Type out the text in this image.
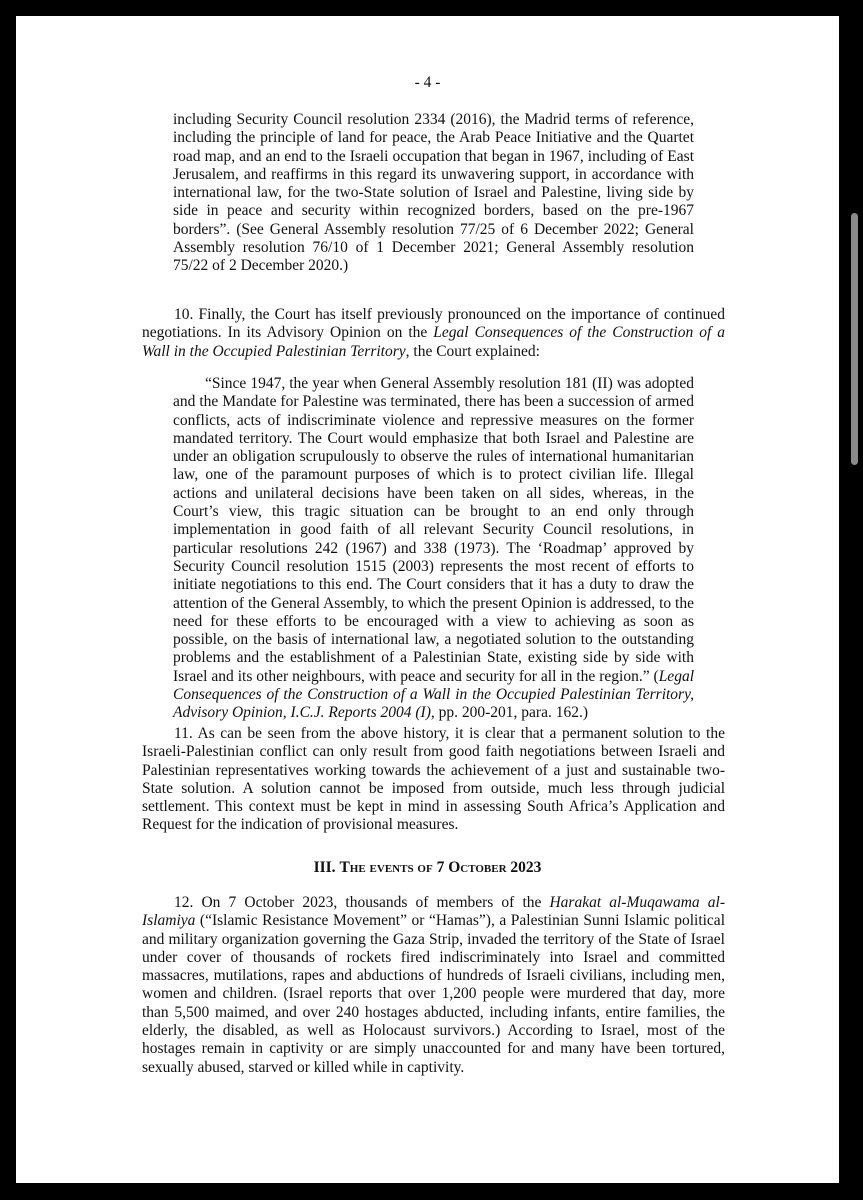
- 4 -

including Security Council resolution 2334 (2016), the Madrid terms of reference, including the principle of land for peace, the Arab Peace Initiative and the Quartet road map, and an end to the Israeli occupation that began in 1967, including of East Jerusalem, and reaffirms in this regard its unwavering support, in accordance with international law, for the two-State solution of Israel and Palestine, living side by side in peace and security within recognized borders, based on the pre-1967 borders”. (See General Assembly resolution 77/25 of 6 December 2022; General Assembly resolution 76/10 of 1 December 2021; General Assembly resolution 75/22 of 2 December 2020.)

10. Finally, the Court has itself previously pronounced on the importance of continued negotiations. In its Advisory Opinion on the Legal Consequences of the Construction of a Wall in the Occupied Palestinian Territory, the Court explained:

“Since 1947, the year when General Assembly resolution 181 (II) was adopted and the Mandate for Palestine was terminated, there has been a succession of armed conflicts, acts of indiscriminate violence and repressive measures on the former mandated territory. The Court would emphasize that both Israel and Palestine are under an obligation scrupulously to observe the rules of international humanitarian law, one of the paramount purposes of which is to protect civilian life. Illegal actions and unilateral decisions have been taken on all sides, whereas, in the Court’s view, this tragic situation can be brought to an end only through implementation in good faith of all relevant Security Council resolutions, in particular resolutions 242 (1967) and 338 (1973). The ‘Roadmap’ approved by Security Council resolution 1515 (2003) represents the most recent of efforts to initiate negotiations to this end. The Court considers that it has a duty to draw the attention of the General Assembly, to which the present Opinion is addressed, to the need for these efforts to be encouraged with a view to achieving as soon as possible, on the basis of international law, a negotiated solution to the outstanding problems and the establishment of a Palestinian State, existing side by side with Israel and its other neighbours, with peace and security for all in the region.” (Legal Consequences of the Construction of a Wall in the Occupied Palestinian Territory, Advisory Opinion, I.C.J. Reports 2004 (I), pp. 200-201, para. 162.)

11. As can be seen from the above history, it is clear that a permanent solution to the Israeli-Palestinian conflict can only result from good faith negotiations between Israeli and Palestinian representatives working towards the achievement of a just and sustainable two-State solution. A solution cannot be imposed from outside, much less through judicial settlement. This context must be kept in mind in assessing South Africa’s Application and Request for the indication of provisional measures.

III. The events of 7 October 2023

12. On 7 October 2023, thousands of members of the Harakat al-Muqawama al-Islamiya (“Islamic Resistance Movement” or “Hamas”), a Palestinian Sunni Islamic political and military organization governing the Gaza Strip, invaded the territory of the State of Israel under cover of thousands of rockets fired indiscriminately into Israel and committed massacres, mutilations, rapes and abductions of hundreds of Israeli civilians, including men, women and children. (Israel reports that over 1,200 people were murdered that day, more than 5,500 maimed, and over 240 hostages abducted, including infants, entire families, the elderly, the disabled, as well as Holocaust survivors.) According to Israel, most of the hostages remain in captivity or are simply unaccounted for and many have been tortured, sexually abused, starved or killed while in captivity.
